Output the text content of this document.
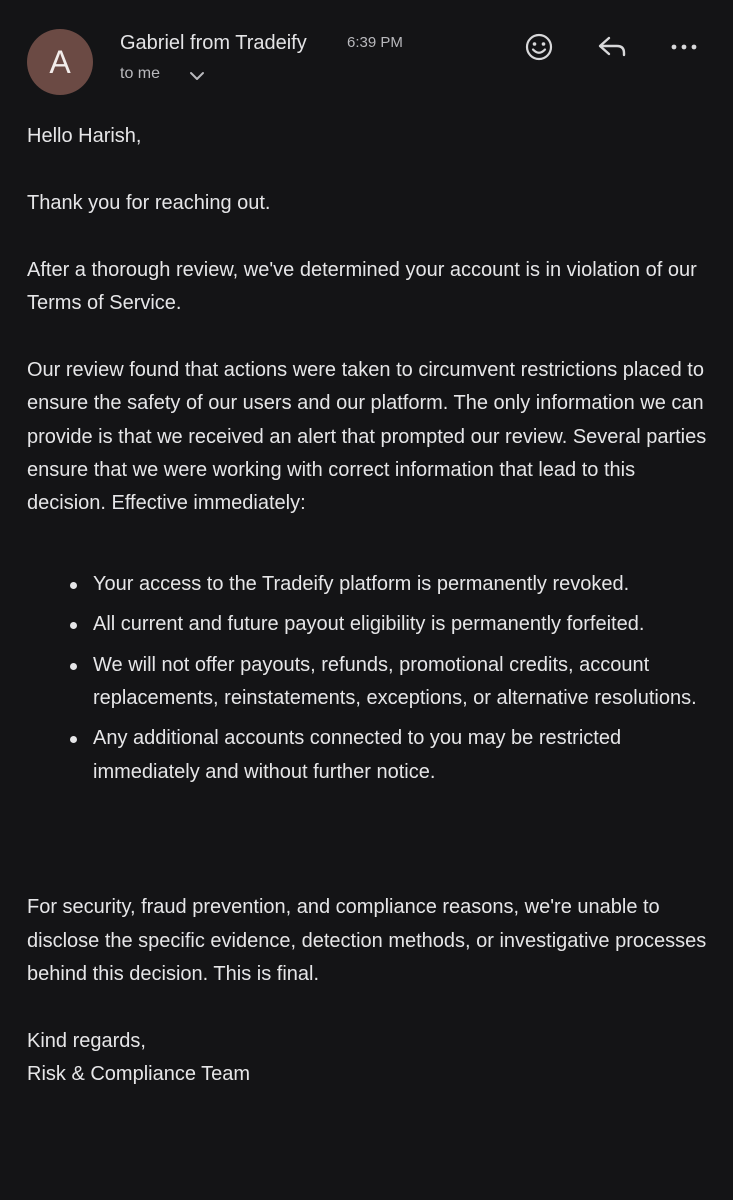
A
Gabriel from Tradeify	6:39 PM
to me

Hello Harish,

Thank you for reaching out.

After a thorough review, we've determined your account is in violation of our Terms of Service.

Our review found that actions were taken to circumvent restrictions placed to ensure the safety of our users and our platform. The only information we can provide is that we received an alert that prompted our review. Several parties ensure that we were working with correct information that lead to this decision. Effective immediately:

Your access to the Tradeify platform is permanently revoked.
All current and future payout eligibility is permanently forfeited.
We will not offer payouts, refunds, promotional credits, account replacements, reinstatements, exceptions, or alternative resolutions.
Any additional accounts connected to you may be restricted immediately and without further notice.

For security, fraud prevention, and compliance reasons, we're unable to disclose the specific evidence, detection methods, or investigative processes behind this decision. This is final.

Kind regards,

Risk & Compliance Team
